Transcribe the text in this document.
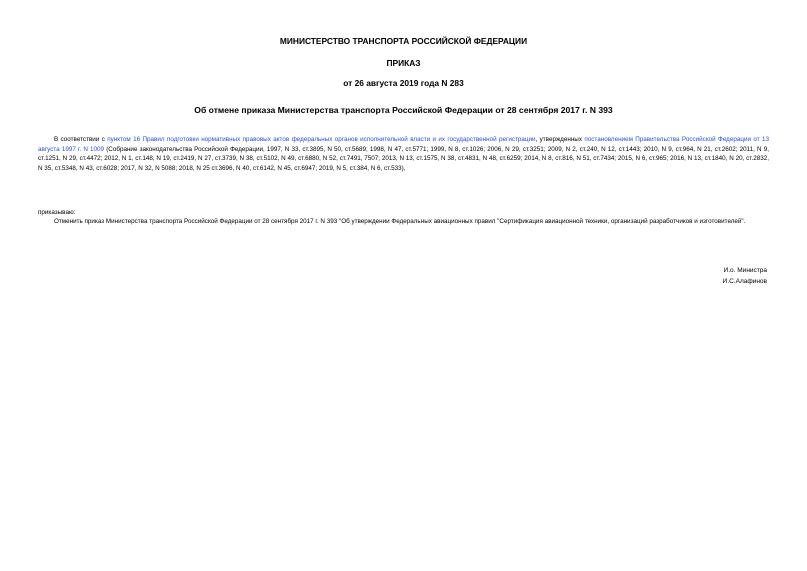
МИНИСТЕРСТВО ТРАНСПОРТА РОССИЙСКОЙ ФЕДЕРАЦИИ

ПРИКАЗ

от 26 августа 2019 года N 283

Об отмене приказа Министерства транспорта Российской Федерации от 28 сентября 2017 г. N 393

В соответствии с пунктом 16 Правил подготовки нормативных правовых актов федеральных органов исполнительной власти и их государственной регистрации, утвержденных постановлением Правительства Российской Федерации от 13 августа 1997 г. N 1009 (Собрание законодательства Российской Федерации, 1997, N 33, ст.3895, N 50, ст.5689; 1998, N 47, ст.5771; 1999, N 8, ст.1026; 2006, N 29, ст.3251; 2009, N 2, ст.240, N 12, ст.1443; 2010, N 9, ст.964, N 21, ст.2602; 2011, N 9, ст.1251, N 29, ст.4472; 2012, N 1, ст.148, N 19, ст.2419, N 27, ст.3739, N 38, ст.5102, N 49, ст.6880, N 52, ст.7491, 7507; 2013, N 13, ст.1575, N 38, ст.4831, N 48, ст.6259; 2014, N 8, ст.816, N 51, ст.7434; 2015, N 6, ст.965; 2016, N 13, ст.1840, N 20, ст.2832, N 35, ст.5348, N 43, ст.6028; 2017, N 32, N 5088; 2018, N 25 ст.3696, N 40, ст.6142, N 45, ст.6947; 2019, N 5, ст.384, N 6, ст.533),

приказываю:

Отменить приказ Министерства транспорта Российской Федерации от 28 сентября 2017 г. N 393 "Об утверждении Федеральных авиационных правил "Сертификация авиационной техники, организаций разработчиков и изготовителей".

И.о. Министра
И.С.Алафинов
